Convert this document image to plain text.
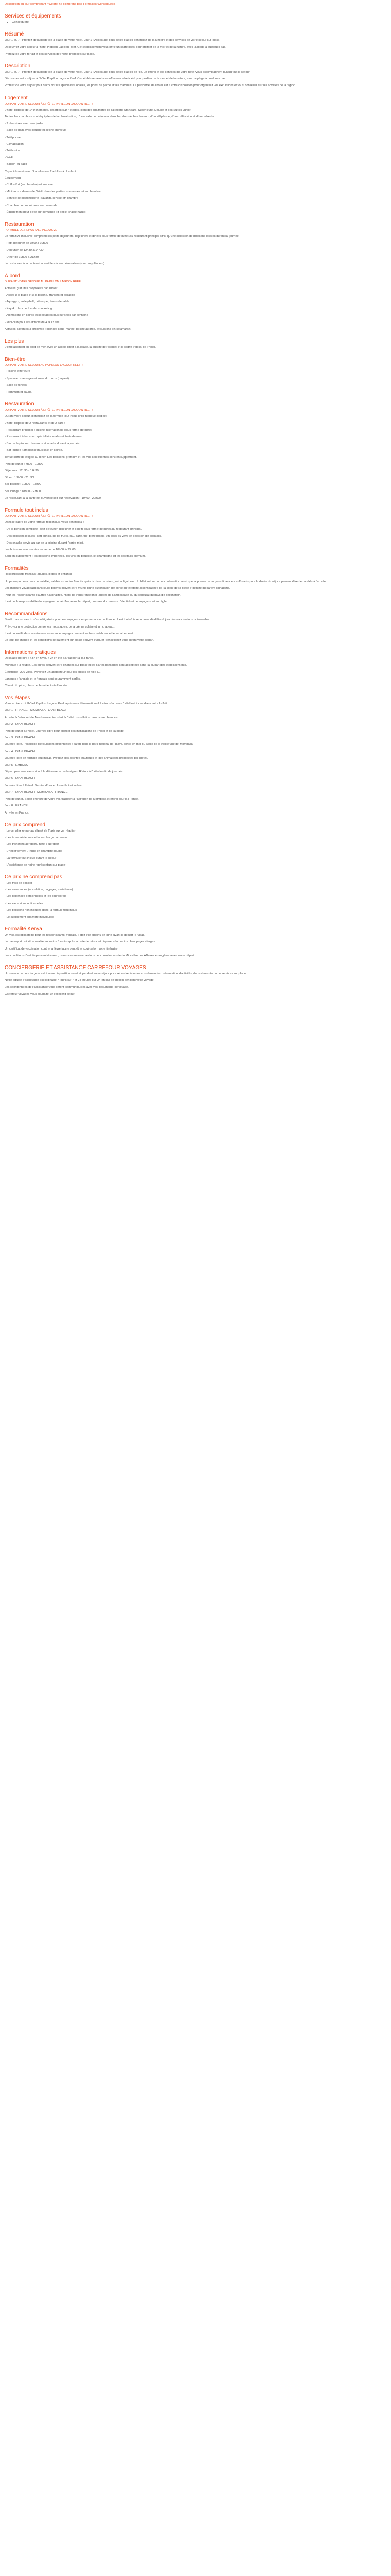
Description du jour comprenant / Ce prix ne comprend pas Formalités Conseiguées
Services et équipements
• Conseiguère
Résumé

Jour 1 au 7 : Profitez de la plage de la plage de votre hôtel. Jour 1 : Accès aux plus belles plages bénéficiez de la lumière et des services de votre séjour sur place.

Découvrez votre séjour à l'hôtel Papillon Lagoon Reef. Cet établissement vous offre un cadre idéal pour profiter de la mer et de la nature, avec la plage à quelques pas.

Profitez de votre forfait et des services de l'hôtel proposés sur place.

Description

Jour 1 au 7 : Profitez de la plage de la plage de votre hôtel. Jour 1 : Accès aux plus belles plages de l'île. Le littoral et les services de votre hôtel vous accompagnent durant tout le séjour.

Découvrez votre séjour à l'hôtel Papillon Lagoon Reef. Cet établissement vous offre un cadre idéal pour profiter de la mer et de la nature, avec la plage à quelques pas.

Profitez de votre séjour pour découvrir les spécialités locales, les ports de pêche et les marchés. Le personnel de l'hôtel est à votre disposition pour organiser vos excursions et vous conseiller sur les activités de la région.

Logement
DURANT VOTRE SÉJOUR À L'HÔTEL PAPILLON LAGOON REEF :

L'hôtel dispose de 149 chambres, réparties sur 4 étages, dont des chambres de catégorie Standard, Supérieure, Deluxe et des Suites Junior.

Toutes les chambres sont équipées de la climatisation, d'une salle de bain avec douche, d'un sèche-cheveux, d'un téléphone, d'une télévision et d'un coffre-fort.

- 2 chambres avec vue jardin

- Salle de bain avec douche et sèche-cheveux

- Téléphone

- Climatisation

- Télévision

- Wi-Fi

- Balcon ou patio

Capacité maximale : 2 adultes ou 2 adultes + 1 enfant.

Équipement :

- Coffre-fort (en chambre) et vue mer

- Minibar sur demande, Wi-Fi dans les parties communes et en chambre

- Service de blanchisserie (payant), service en chambre

- Chambre communicante sur demande

- Équipement pour bébé sur demande (lit bébé, chaise haute)

Restauration
FORMULE DE REPAS : ALL INCLUSIVE

Le forfait All Inclusive comprend les petits déjeuners, déjeuners et dîners sous forme de buffet au restaurant principal ainsi qu'une sélection de boissons locales durant la journée.

- Petit déjeuner de 7h00 à 10h00

- Déjeuner de 12h30 à 14h30

- Dîner de 19h00 à 21h30

Le restaurant à la carte est ouvert le soir sur réservation (avec supplément).

À bord
DURANT VOTRE SÉJOUR AU PAPILLON LAGOON REEF :

Activités gratuites proposées par l'hôtel :

- Accès à la plage et à la piscine, transats et parasols

- Aquagym, volley-ball, pétanque, tennis de table

- Kayak, planche à voile, snorkeling

- Animations en soirée et spectacles plusieurs fois par semaine

- Mini-club pour les enfants de 4 à 12 ans

Activités payantes à proximité : plongée sous-marine, pêche au gros, excursions en catamaran.

Les plus

L'emplacement en bord de mer avec un accès direct à la plage, la qualité de l'accueil et le cadre tropical de l'hôtel.

Bien-être
DURANT VOTRE SÉJOUR AU PAPILLON LAGOON REEF :

- Piscine extérieure

- Spa avec massages et soins du corps (payant)

- Salle de fitness

- Hammam et sauna

Restauration
DURANT VOTRE SÉJOUR À L'HÔTEL PAPILLON LAGOON REEF :

Durant votre séjour, bénéficiez de la formule tout inclus (voir rubrique dédiée).

L'hôtel dispose de 2 restaurants et de 2 bars :

- Restaurant principal : cuisine internationale sous forme de buffet.

- Restaurant à la carte : spécialités locales et fruits de mer.

- Bar de la piscine : boissons et snacks durant la journée.

- Bar lounge : ambiance musicale en soirée.

Tenue correcte exigée au dîner. Les boissons premium et les vins sélectionnés sont en supplément.

Petit déjeuner : 7h00 - 10h00

Déjeuner : 12h30 - 14h30

Dîner : 19h00 - 21h30

Bar piscine : 10h00 - 18h00

Bar lounge : 18h00 - 23h00

Le restaurant à la carte est ouvert le soir sur réservation : 19h00 - 22h00

Formule tout inclus
DURANT VOTRE SÉJOUR À L'HÔTEL PAPILLON LAGOON REEF :

Dans le cadre de votre formule tout inclus, vous bénéficiez :

- De la pension complète (petit déjeuner, déjeuner et dîner) sous forme de buffet au restaurant principal.

- Des boissons locales : soft drinks, jus de fruits, eau, café, thé, bière locale, vin local au verre et sélection de cocktails.

- Des snacks servis au bar de la piscine durant l'après-midi.

Les boissons sont servies au verre de 10h00 à 23h00.

Sont en supplément : les boissons importées, les vins en bouteille, le champagne et les cocktails premium.

Formalités

Ressortissants français (adultes, bébés et enfants) :

Un passeport en cours de validité, valable au moins 6 mois après la date de retour, est obligatoire. Un billet retour ou de continuation ainsi que la preuve de moyens financiers suffisants pour la durée du séjour peuvent être demandés à l'arrivée.

Les mineurs voyageant sans leurs parents doivent être munis d'une autorisation de sortie du territoire accompagnée de la copie de la pièce d'identité du parent signataire.

Pour les ressortissants d'autres nationalités, merci de vous renseigner auprès de l'ambassade ou du consulat du pays de destination.

Il est de la responsabilité du voyageur de vérifier, avant le départ, que ses documents d'identité et de voyage sont en règle.

Recommandations

Santé : aucun vaccin n'est obligatoire pour les voyageurs en provenance de France. Il est toutefois recommandé d'être à jour des vaccinations universelles.

Prévoyez une protection contre les moustiques, de la crème solaire et un chapeau.

Il est conseillé de souscrire une assurance voyage couvrant les frais médicaux et le rapatriement.

Le taux de change et les conditions de paiement sur place peuvent évoluer ; renseignez-vous avant votre départ.

Informations pratiques

Décalage horaire : +3h en hiver, +2h en été par rapport à la France.

Monnaie : la roupie. Les euros peuvent être changés sur place et les cartes bancaires sont acceptées dans la plupart des établissements.

Électricité : 220 volts. Prévoyez un adaptateur pour les prises de type G.

Langues : l'anglais et le français sont couramment parlés.

Climat : tropical, chaud et humide toute l'année.

Vos étapes

Vous arriverez à l'hôtel Papillon Lagoon Reef après un vol international. Le transfert vers l'hôtel est inclus dans votre forfait.

Jour 1 : FRANCE - MOMBASA - DIANI BEACH

Arrivée à l'aéroport de Mombasa et transfert à l'hôtel. Installation dans votre chambre.

Jour 2 : DIANI BEACH

Petit déjeuner à l'hôtel. Journée libre pour profiter des installations de l'hôtel et de la plage.

Jour 3 : DIANI BEACH

Journée libre. Possibilité d'excursions optionnelles : safari dans le parc national de Tsavo, sortie en mer ou visite de la vieille ville de Mombasa.

Jour 4 : DIANI BEACH

Journée libre en formule tout inclus. Profitez des activités nautiques et des animations proposées par l'hôtel.

Jour 5 : EMBOSU

Départ pour une excursion à la découverte de la région. Retour à l'hôtel en fin de journée.

Jour 6 : DIANI BEACH

Journée libre à l'hôtel. Dernier dîner en formule tout inclus.

Jour 7 : DIANI BEACH - MOMBASA - FRANCE

Petit déjeuner. Selon l'horaire de votre vol, transfert à l'aéroport de Mombasa et envol pour la France.

Jour 8 : FRANCE

Arrivée en France.

Ce prix comprend

- Le vol aller-retour au départ de Paris sur vol régulier

- Les taxes aériennes et la surcharge carburant

- Les transferts aéroport / hôtel / aéroport

- L'hébergement 7 nuits en chambre double

- La formule tout inclus durant le séjour

- L'assistance de notre représentant sur place

Ce prix ne comprend pas

- Les frais de dossier

- Les assurances (annulation, bagages, assistance)

- Les dépenses personnelles et les pourboires

- Les excursions optionnelles

- Les boissons non incluses dans la formule tout inclus

- Le supplément chambre individuelle

Formalité Kenya

Un visa est obligatoire pour les ressortissants français. Il doit être obtenu en ligne avant le départ (e-Visa).

Le passeport doit être valable au moins 6 mois après la date de retour et disposer d'au moins deux pages vierges.

Un certificat de vaccination contre la fièvre jaune peut être exigé selon votre itinéraire.

Les conditions d'entrée peuvent évoluer ; nous vous recommandons de consulter le site du Ministère des Affaires étrangères avant votre départ.

CONCIERGERIE ET ASSISTANCE CARREFOUR VOYAGES

Un service de conciergerie est à votre disposition avant et pendant votre séjour pour répondre à toutes vos demandes : réservation d'activités, de restaurants ou de services sur place.

Notre équipe d'assistance est joignable 7 jours sur 7 et 24 heures sur 24 en cas de besoin pendant votre voyage.

Les coordonnées de l'assistance vous seront communiquées avec vos documents de voyage.

Carrefour Voyages vous souhaite un excellent séjour.
